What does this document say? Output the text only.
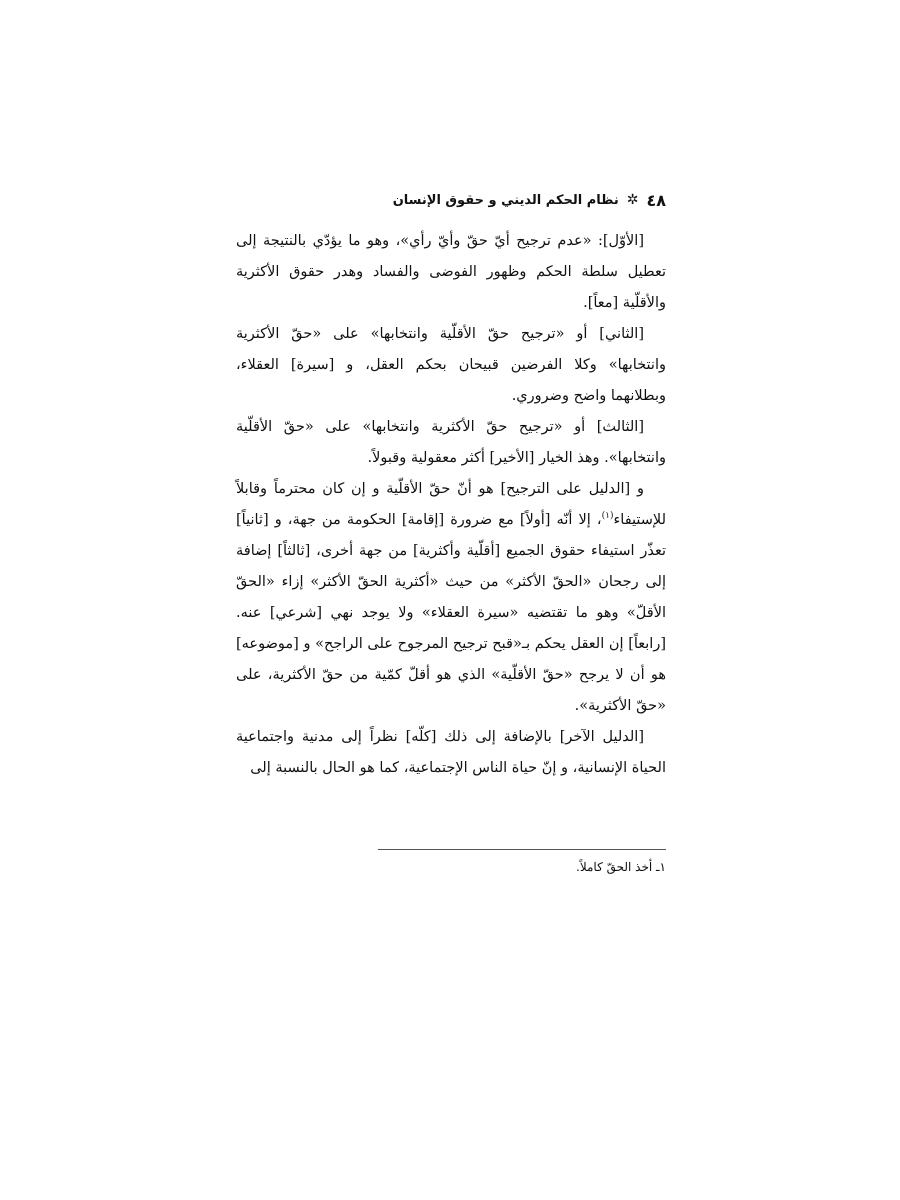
٤٨
✲
نظام الحكم الديني و حقوق الإنسان

[الأوّل]: «عدم ترجيح أيّ حقّ وأيّ رأي»، وهو ما يؤدّي بالنتيجة إلى تعطيل سلطة الحكم وظهور الفوضى والفساد وهدر حقوق الأكثرية والأقلّية [معاً].

[الثاني] أو «ترجيح حقّ الأقلّية وانتخابها» على «حقّ الأكثرية وانتخابها» وكلا الفرضين قبيحان بحكم العقل، و [سيرة] العقلاء، وبطلانهما واضح وضروري.

[الثالث] أو «ترجيح حقّ الأكثرية وانتخابها» على «حقّ الأقلّية وانتخابها». وهذ الخيار [الأخير] أكثر معقولية وقبولاً.

و [الدليل على الترجيح] هو أنّ حقّ الأقلّية و إن كان محترماً وقابلاً للإستيفاء$^{(١)}$، إلا أنّه [أولاً] مع ضرورة [إقامة] الحكومة من جهة، و [ثانياً] تعذّر استيفاء حقوق الجميع [أقلّية وأكثرية] من جهة أخرى، [ثالثاً] إضافة إلى رجحان «الحقّ الأكثر» من حيث «أكثرية الحقّ الأكثر» إزاء «الحقّ الأقلّ» وهو ما تقتضيه «سيرة العقلاء» ولا يوجد نهي [شرعي] عنه. [رابعاً] إن العقل يحكم بـ«قبح ترجيح المرجوح على الراجح» و [موضوعه] هو أن لا يرجح «حقّ الأقلّية» الذي هو أقلّ كمّية من حقّ الأكثرية، على «حقّ الأكثرية».

[الدليل الآخر] بالإضافة إلى ذلك [كلّه] نظراً إلى مدنية واجتماعية الحياة الإنسانية، و إنّ حياة الناس الإجتماعية، كما هو الحال بالنسبة إلى

١ـ أخذ الحقّ كاملاً.
